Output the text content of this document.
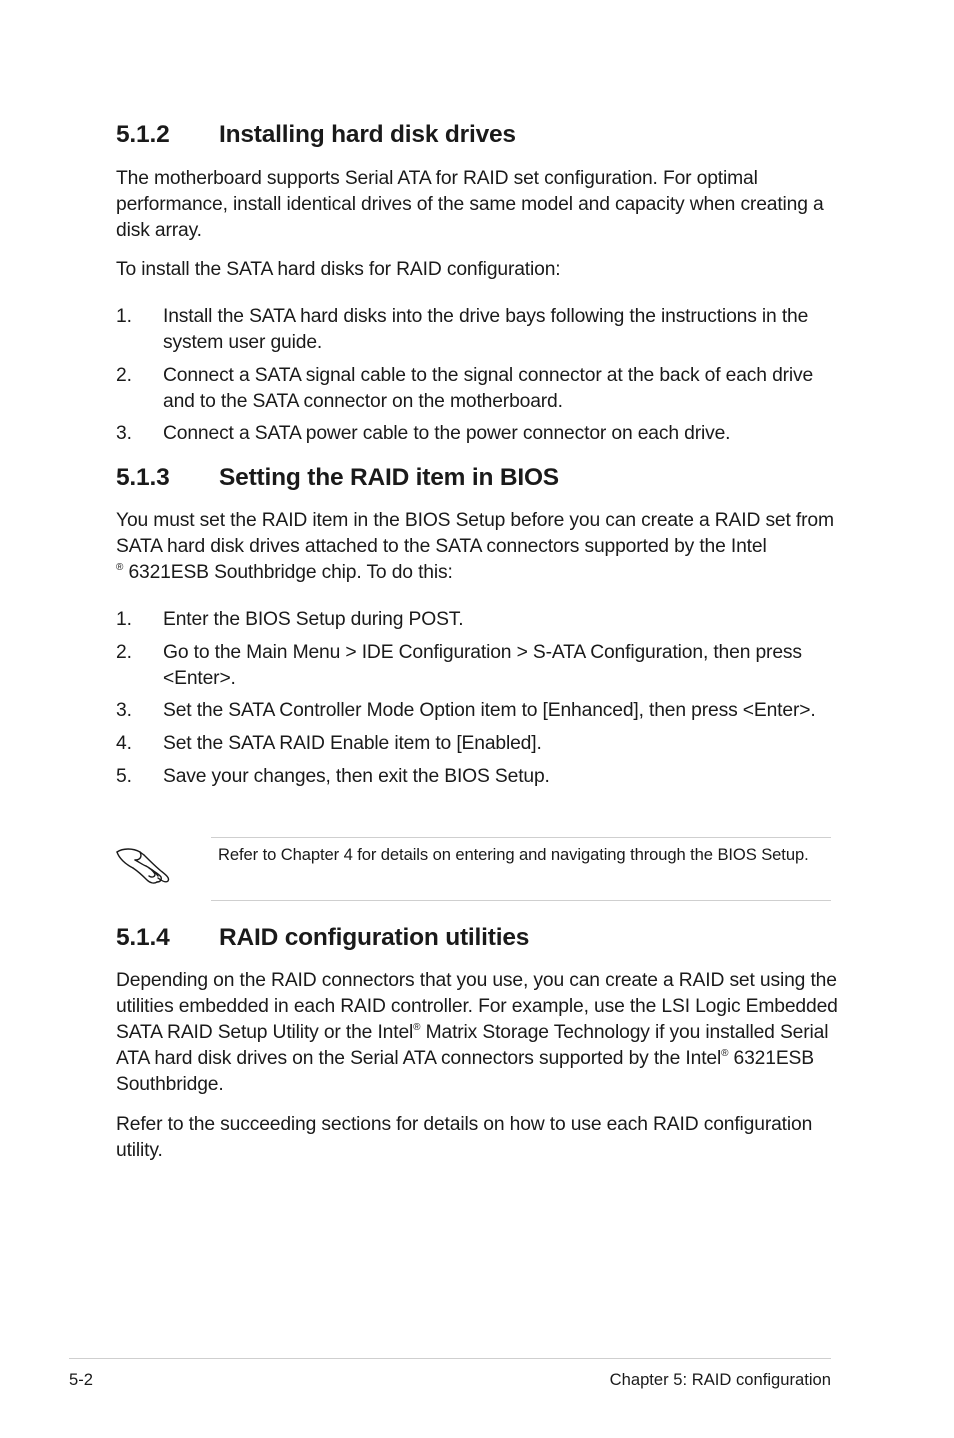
5.1.2 Installing hard disk drives

The motherboard supports Serial ATA for RAID set configuration. For optimal performance, install identical drives of the same model and capacity when creating a disk array.

To install the SATA hard disks for RAID configuration:

1. Install the SATA hard disks into the drive bays following the instructions in the system user guide.
2. Connect a SATA signal cable to the signal connector at the back of each drive and to the SATA connector on the motherboard.
3. Connect a SATA power cable to the power connector on each drive.
5.1.3 Setting the RAID item in BIOS

You must set the RAID item in the BIOS Setup before you can create a RAID set from SATA hard disk drives attached to the SATA connectors supported by the Intel
® 6321ESB Southbridge chip. To do this:

1. Enter the BIOS Setup during POST.
2. Go to the Main Menu > IDE Configuration > S-ATA Configuration, then press <Enter>.
3. Set the SATA Controller Mode Option item to [Enhanced], then press <Enter>.
4. Set the SATA RAID Enable item to [Enabled].
5. Save your changes, then exit the BIOS Setup.
Refer to Chapter 4 for details on entering and navigating through the BIOS Setup.
5.1.4 RAID configuration utilities

Depending on the RAID connectors that you use, you can create a RAID set using the utilities embedded in each RAID controller. For example, use the LSI Logic Embedded SATA RAID Setup Utility or the Intel® Matrix Storage Technology if you installed Serial ATA hard disk drives on the Serial ATA connectors supported by the Intel® 6321ESB Southbridge.

Refer to the succeeding sections for details on how to use each RAID configuration utility.

5-2	Chapter 5: RAID configuration
